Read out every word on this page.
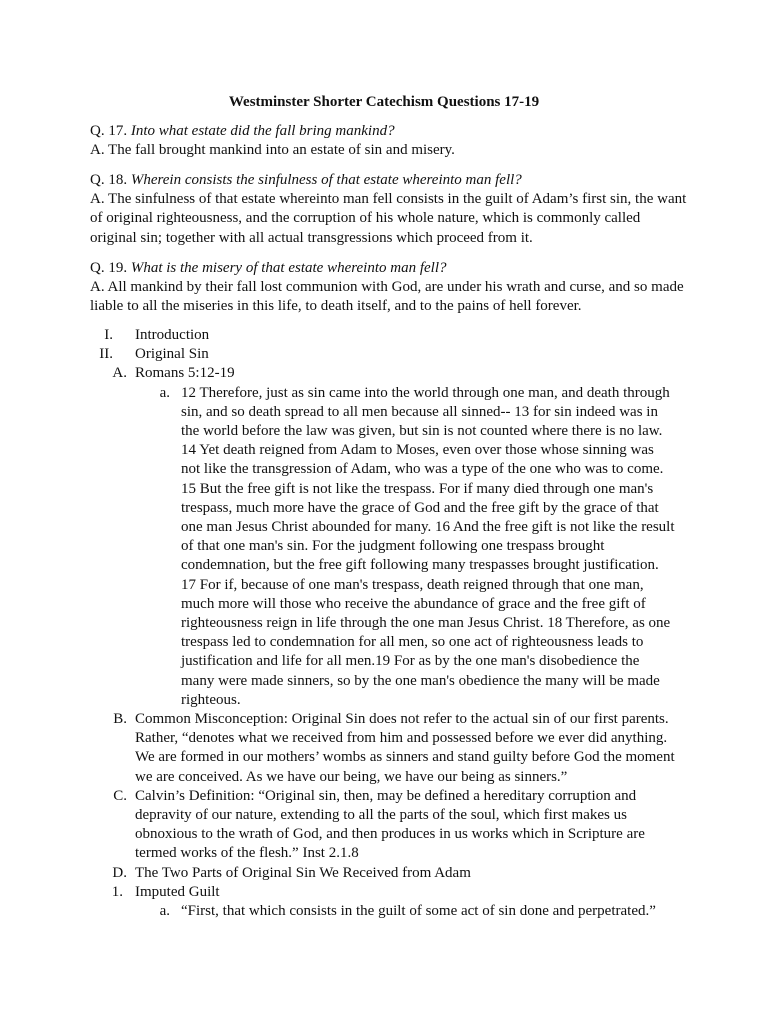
Westminster Shorter Catechism Questions 17-19

Q. 17. Into what estate did the fall bring mankind?

A. The fall brought mankind into an estate of sin and misery.

Q. 18. Wherein consists the sinfulness of that estate whereinto man fell?

A. The sinfulness of that estate whereinto man fell consists in the guilt of Adam’s first sin, the want of original righteousness, and the corruption of his whole nature, which is commonly called original sin; together with all actual transgressions which proceed from it.

Q. 19. What is the misery of that estate whereinto man fell?

A. All mankind by their fall lost communion with God, are under his wrath and curse, and so made liable to all the miseries in this life, to death itself, and to the pains of hell forever.

I. Introduction
II. Original Sin
A. Romans 5:12-19
a. 12 Therefore, just as sin came into the world through one man, and death through sin, and so death spread to all men because all sinned-- 13 for sin indeed was in the world before the law was given, but sin is not counted where there is no law. 14 Yet death reigned from Adam to Moses, even over those whose sinning was not like the transgression of Adam, who was a type of the one who was to come. 15 But the free gift is not like the trespass. For if many died through one man's trespass, much more have the grace of God and the free gift by the grace of that one man Jesus Christ abounded for many. 16 And the free gift is not like the result of that one man's sin. For the judgment following one trespass brought condemnation, but the free gift following many trespasses brought justification. 17 For if, because of one man's trespass, death reigned through that one man, much more will those who receive the abundance of grace and the free gift of righteousness reign in life through the one man Jesus Christ. 18 Therefore, as one trespass led to condemnation for all men, so one act of righteousness leads to justification and life for all men.19 For as by the one man's disobedience the many were made sinners, so by the one man's obedience the many will be made righteous.
B. Common Misconception: Original Sin does not refer to the actual sin of our first parents. Rather, “denotes what we received from him and possessed before we ever did anything. We are formed in our mothers’ wombs as sinners and stand guilty before God the moment we are conceived. As we have our being, we have our being as sinners.”
C. Calvin’s Definition: “Original sin, then, may be defined a hereditary corruption and depravity of our nature, extending to all the parts of the soul, which first makes us obnoxious to the wrath of God, and then produces in us works which in Scripture are termed works of the flesh.” Inst 2.1.8
D. The Two Parts of Original Sin We Received from Adam
1. Imputed Guilt
a. “First, that which consists in the guilt of some act of sin done and perpetrated.”
